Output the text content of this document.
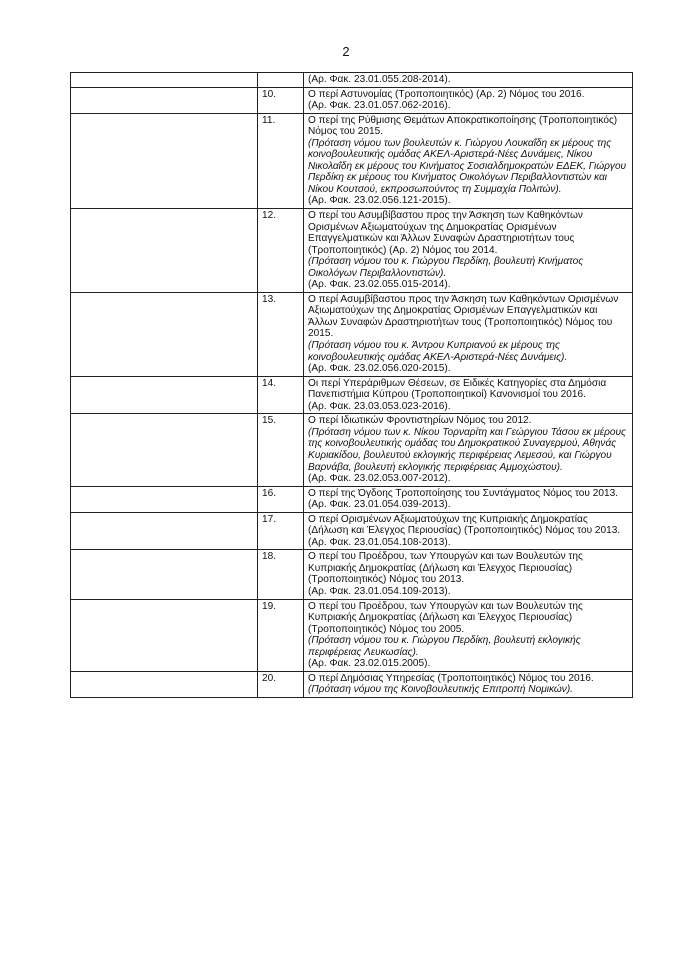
2

		(Αρ. Φακ. 23.01.055.208-2014).

	10.	Ο περί Αστυνομίας (Τροποποιητικός) (Αρ. 2) Νόμος του 2016.
(Αρ. Φακ. 23.01.057.062-2016).

	11.	Ο περί της Ρύθμισης Θεμάτων Αποκρατικοποίησης (Τροποποιητικός) Νόμος του 2015.
(Πρόταση νόμου των βουλευτών κ. Γιώργου Λουκαΐδη εκ μέρους της κοινοβουλευτικής ομάδας ΑΚΕΛ-Αριστερά-Νέες Δυνάμεις, Νίκου Νικολαΐδη εκ μέρους του Κινήματος Σοσιαλδημοκρατών ΕΔΕΚ, Γιώργου Περδίκη εκ μέρους του Κινήματος Οικολόγων Περιβαλλοντιστών και Νίκου Κουτσού, εκπροσωπούντος τη Συμμαχία Πολιτών).
(Αρ. Φακ. 23.02.056.121-2015).

	12.	Ο περί του Ασυμβίβαστου προς την Άσκηση των Καθηκόντων Ορισμένων Αξιωματούχων της Δημοκρατίας Ορισμένων Επαγγελματικών και Άλλων Συναφών Δραστηριοτήτων τους (Τροποποιητικός) (Αρ. 2) Νόμος του 2014.
(Πρόταση νόμου του κ. Γιώργου Περδίκη, βουλευτή Κινήματος Οικολόγων Περιβαλλοντιστών).
(Αρ. Φακ. 23.02.055.015-2014).

	13.	Ο περί Ασυμβίβαστου προς την Άσκηση των Καθηκόντων Ορισμένων Αξιωματούχων της Δημοκρατίας Ορισμένων Επαγγελματικών και Άλλων Συναφών Δραστηριοτήτων τους (Τροποποιητικός) Νόμος του 2015.
(Πρόταση νόμου του κ. Άντρου Κυπριανού εκ μέρους της κοινοβουλευτικής ομάδας ΑΚΕΛ-Αριστερά-Νέες Δυνάμεις).
(Αρ. Φακ. 23.02.056.020-2015).

	14.	Οι περί Υπεράριθμων Θέσεων, σε Ειδικές Κατηγορίες στα Δημόσια Πανεπιστήμια Κύπρου (Τροποποιητικοί) Κανονισμοί του 2016.
(Αρ. Φακ. 23.03.053.023-2016).

	15.	Ο περί Ιδιωτικών Φροντιστηρίων Νόμος του 2012.
(Πρόταση νόμου των κ. Νίκου Τορναρίτη και Γεώργιου Τάσου εκ μέρους της κοινοβουλευτικής ομάδας του Δημοκρατικού Συναγερμού, Αθηνάς Κυριακίδου, βουλευτού εκλογικής περιφέρειας Λεμεσού, και Γιώργου Βαρνάβα, βουλευτή εκλογικής περιφέρειας Αμμοχώστου).
(Αρ. Φακ. 23.02.053.007-2012).

	16.	Ο περί της Όγδοης Τροποποίησης του Συντάγματος Νόμος του 2013.
(Αρ. Φακ. 23.01.054.039-2013).

	17.	Ο περί Ορισμένων Αξιωματούχων της Κυπριακής Δημοκρατίας (Δήλωση και Έλεγχος Περιουσίας) (Τροποποιητικός) Νόμος του 2013.
(Αρ. Φακ. 23.01.054.108-2013).

	18.	Ο περί του Προέδρου, των Υπουργών και των Βουλευτών της Κυπριακής Δημοκρατίας (Δήλωση και Έλεγχος Περιουσίας) (Τροποποιητικός) Νόμος του 2013.
(Αρ. Φακ. 23.01.054.109-2013).

	19.	Ο περί του Προέδρου, των Υπουργών και των Βουλευτών της Κυπριακής Δημοκρατίας (Δήλωση και Έλεγχος Περιουσίας) (Τροποποιητικός) Νόμος του 2005.
(Πρόταση νόμου του κ. Γιώργου Περδίκη, βουλευτή εκλογικής περιφέρειας Λευκωσίας).
(Αρ. Φακ. 23.02.015.2005).

	20.	Ο περί Δημόσιας Υπηρεσίας (Τροποποιητικός) Νόμος του 2016.
(Πρόταση νόμου της Κοινοβουλευτικής Επιτροπή Νομικών).
